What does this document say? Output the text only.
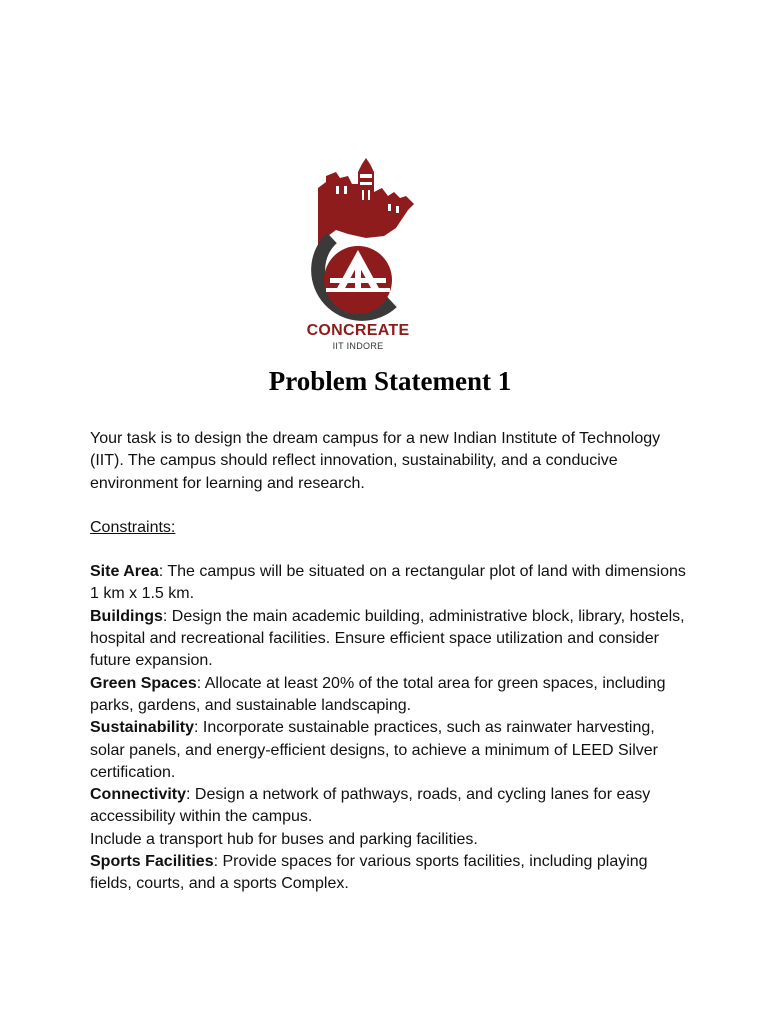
CONCREATE
IIT INDORE
Problem Statement 1

Your task is to design the dream campus for a new Indian Institute of Technology (IIT). The campus should reflect innovation, sustainability, and a conducive environment for learning and research.

Constraints:

Site Area: The campus will be situated on a rectangular plot of land with dimensions 1 km x 1.5 km.

Buildings: Design the main academic building, administrative block, library, hostels, hospital and recreational facilities. Ensure efficient space utilization and consider future expansion.

Green Spaces: Allocate at least 20% of the total area for green spaces, including parks, gardens, and sustainable landscaping.

Sustainability: Incorporate sustainable practices, such as rainwater harvesting, solar panels, and energy-efficient designs, to achieve a minimum of LEED Silver certification.

Connectivity: Design a network of pathways, roads, and cycling lanes for easy accessibility within the campus.

Include a transport hub for buses and parking facilities.

Sports Facilities: Provide spaces for various sports facilities, including playing fields, courts, and a sports Complex.
